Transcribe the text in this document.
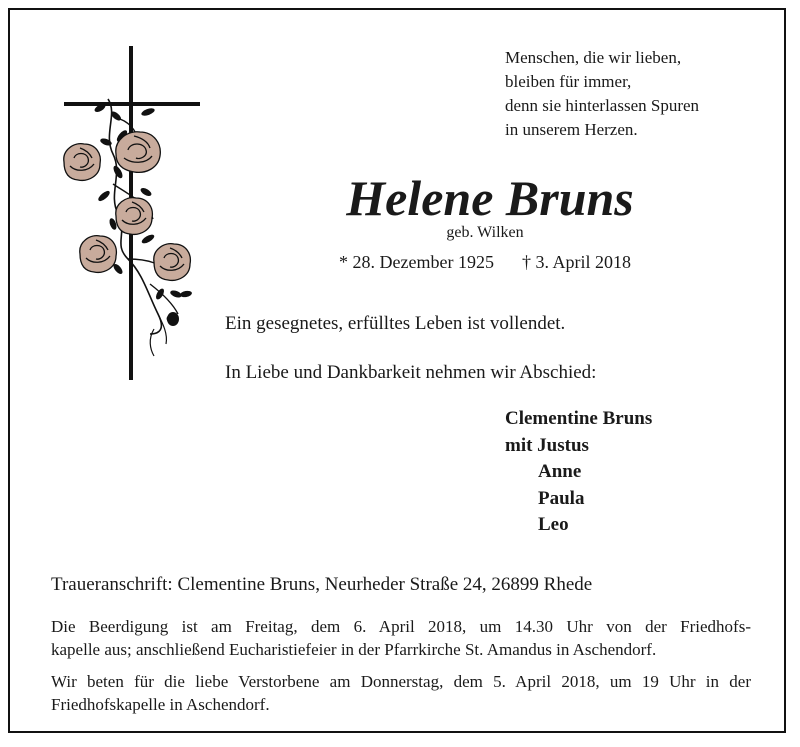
Menschen, die wir lieben,
bleiben für immer,
denn sie hinterlassen Spuren
in unserem Herzen.
Helene Bruns
geb. Wilken
* 28. Dezember 1925 † 3. April 2018
Ein gesegnetes, erfülltes Leben ist vollendet.
In Liebe und Dankbarkeit nehmen wir Abschied:
Clementine Bruns
mit Justus
Anne
Paula
Leo
Traueranschrift: Clementine Bruns, Neurheder Straße 24, 26899 Rhede
Die Beerdigung ist am Freitag, dem 6. April 2018, um 14.30 Uhr von der Friedhofs-
kapelle aus; anschließend Eucharistiefeier in der Pfarrkirche St. Amandus in Aschendorf.
Wir beten für die liebe Verstorbene am Donnerstag, dem 5. April 2018, um 19 Uhr in der
Friedhofskapelle in Aschendorf.
